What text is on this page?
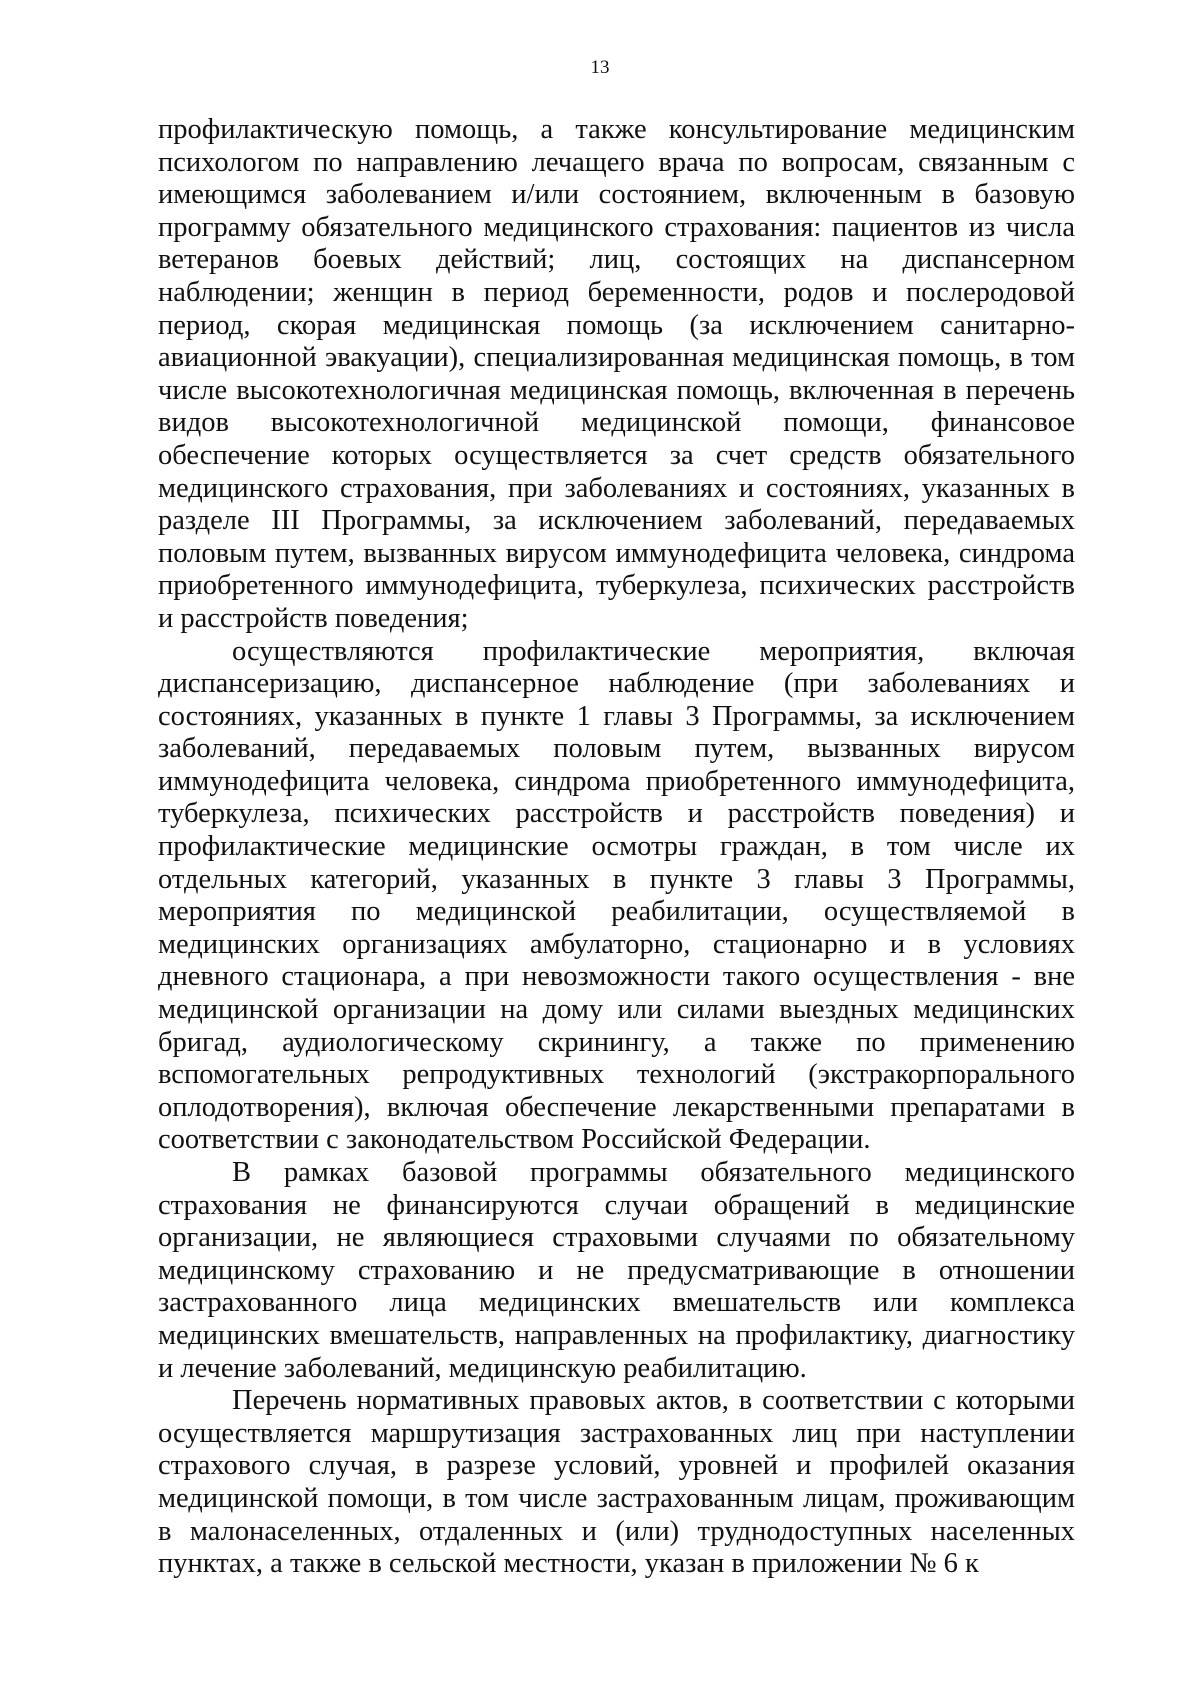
13

профилактическую помощь, а также консультирование медицинским психологом по направлению лечащего врача по вопросам, связанным с имеющимся заболеванием и/или состоянием, включенным в базовую программу обязательного медицинского страхования: пациентов из числа ветеранов боевых действий; лиц, состоящих на диспансерном наблюдении; женщин в период беременности, родов и послеродовой период, скорая медицинская помощь (за исключением санитарно-авиационной эвакуации), специализированная медицинская помощь, в том числе высокотехнологичная медицинская помощь, включенная в перечень видов высокотехнологичной медицинской помощи, финансовое обеспечение которых осуществляется за счет средств обязательного медицинского страхования, при заболеваниях и состояниях, указанных в разделе III Программы, за исключением заболеваний, передаваемых половым путем, вызванных вирусом иммунодефицита человека, синдрома приобретенного иммунодефицита, туберкулеза, психических расстройств и расстройств поведения;

осуществляются профилактические мероприятия, включая диспансеризацию, диспансерное наблюдение (при заболеваниях и состояниях, указанных в пункте 1 главы 3 Программы, за исключением заболеваний, передаваемых половым путем, вызванных вирусом иммунодефицита человека, синдрома приобретенного иммунодефицита, туберкулеза, психических расстройств и расстройств поведения) и профилактические медицинские осмотры граждан, в том числе их отдельных категорий, указанных в пункте 3 главы 3 Программы, мероприятия по медицинской реабилитации, осуществляемой в медицинских организациях амбулаторно, стационарно и в условиях дневного стационара, а при невозможности такого осуществления - вне медицинской организации на дому или силами выездных медицинских бригад, аудиологическому скринингу, а также по применению вспомогательных репродуктивных технологий (экстракорпорального оплодотворения), включая обеспечение лекарственными препаратами в соответствии с законодательством Российской Федерации.

В рамках базовой программы обязательного медицинского страхования не финансируются случаи обращений в медицинские организации, не являющиеся страховыми случаями по обязательному медицинскому страхованию и не предусматривающие в отношении застрахованного лица медицинских вмешательств или комплекса медицинских вмешательств, направленных на профилактику, диагностику и лечение заболеваний, медицинскую реабилитацию.

Перечень нормативных правовых актов, в соответствии с которыми осуществляется маршрутизация застрахованных лиц при наступлении страхового случая, в разрезе условий, уровней и профилей оказания медицинской помощи, в том числе застрахованным лицам, проживающим в малонаселенных, отдаленных и (или) труднодоступных населенных пунктах, а также в сельской местности, указан в приложении № 6 к
